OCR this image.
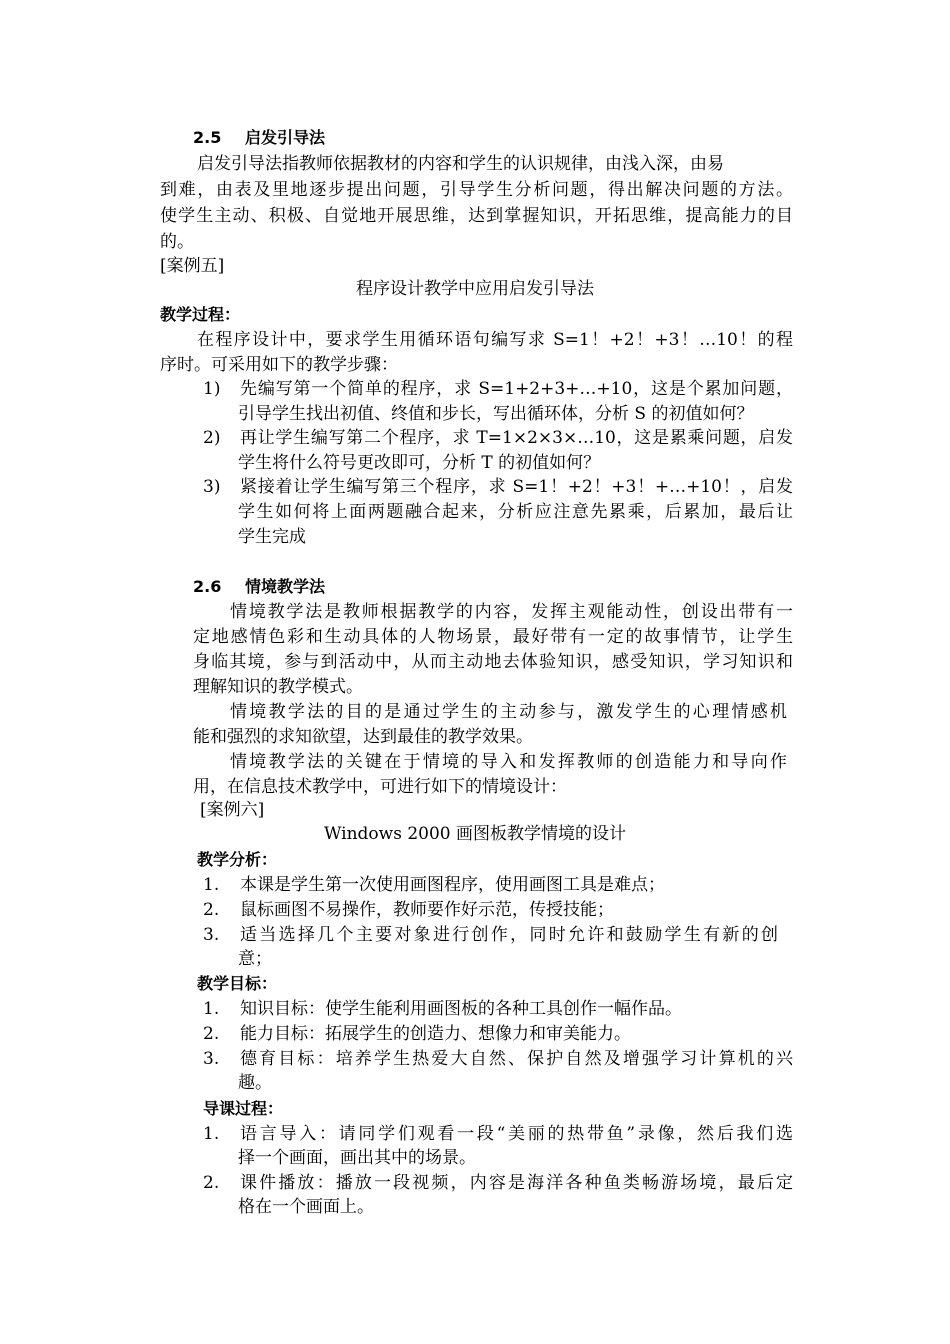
2.5 启发引导法
启发引导法指教师依据教材的内容和学生的认识规律，由浅入深，由易
到难，由表及里地逐步提出问题，引导学生分析问题，得出解决问题的方法。
使学生主动、积极、自觉地开展思维，达到掌握知识，开拓思维，提高能力的目
的。
[案例五]
程序设计教学中应用启发引导法
教学过程：
在程序设计中，要求学生用循环语句编写求 S=1！+2！+3！…10！的程
序时。可采用如下的教学步骤：
1) 先编写第一个简单的程序，求 S=1+2+3+…+10，这是个累加问题，
引导学生找出初值、终值和步长，写出循环体，分析 S 的初值如何？
2) 再让学生编写第二个程序，求 T=1×2×3×…10，这是累乘问题，启发
学生将什么符号更改即可，分析 T 的初值如何？
3) 紧接着让学生编写第三个程序，求 S=1！+2！+3！+…+10！，启发
学生如何将上面两题融合起来，分析应注意先累乘，后累加，最后让
学生完成
2.6 情境教学法
情境教学法是教师根据教学的内容，发挥主观能动性，创设出带有一
定地感情色彩和生动具体的人物场景，最好带有一定的故事情节，让学生
身临其境，参与到活动中，从而主动地去体验知识，感受知识，学习知识和
理解知识的教学模式。
情境教学法的目的是通过学生的主动参与，激发学生的心理情感机
能和强烈的求知欲望，达到最佳的教学效果。
情境教学法的关键在于情境的导入和发挥教师的创造能力和导向作
用，在信息技术教学中，可进行如下的情境设计：
[案例六]
Windows 2000 画图板教学情境的设计
教学分析：
1. 本课是学生第一次使用画图程序，使用画图工具是难点；
2. 鼠标画图不易操作，教师要作好示范，传授技能；
3. 适当选择几个主要对象进行创作，同时允许和鼓励学生有新的创
意；
教学目标：
1. 知识目标：使学生能利用画图板的各种工具创作一幅作品。
2. 能力目标：拓展学生的创造力、想像力和审美能力。
3. 德育目标：培养学生热爱大自然、保护自然及增强学习计算机的兴
趣。
导课过程：
1. 语言导入：请同学们观看一段“美丽的热带鱼”录像，然后我们选
择一个画面，画出其中的场景。
2. 课件播放：播放一段视频，内容是海洋各种鱼类畅游场境，最后定
格在一个画面上。
